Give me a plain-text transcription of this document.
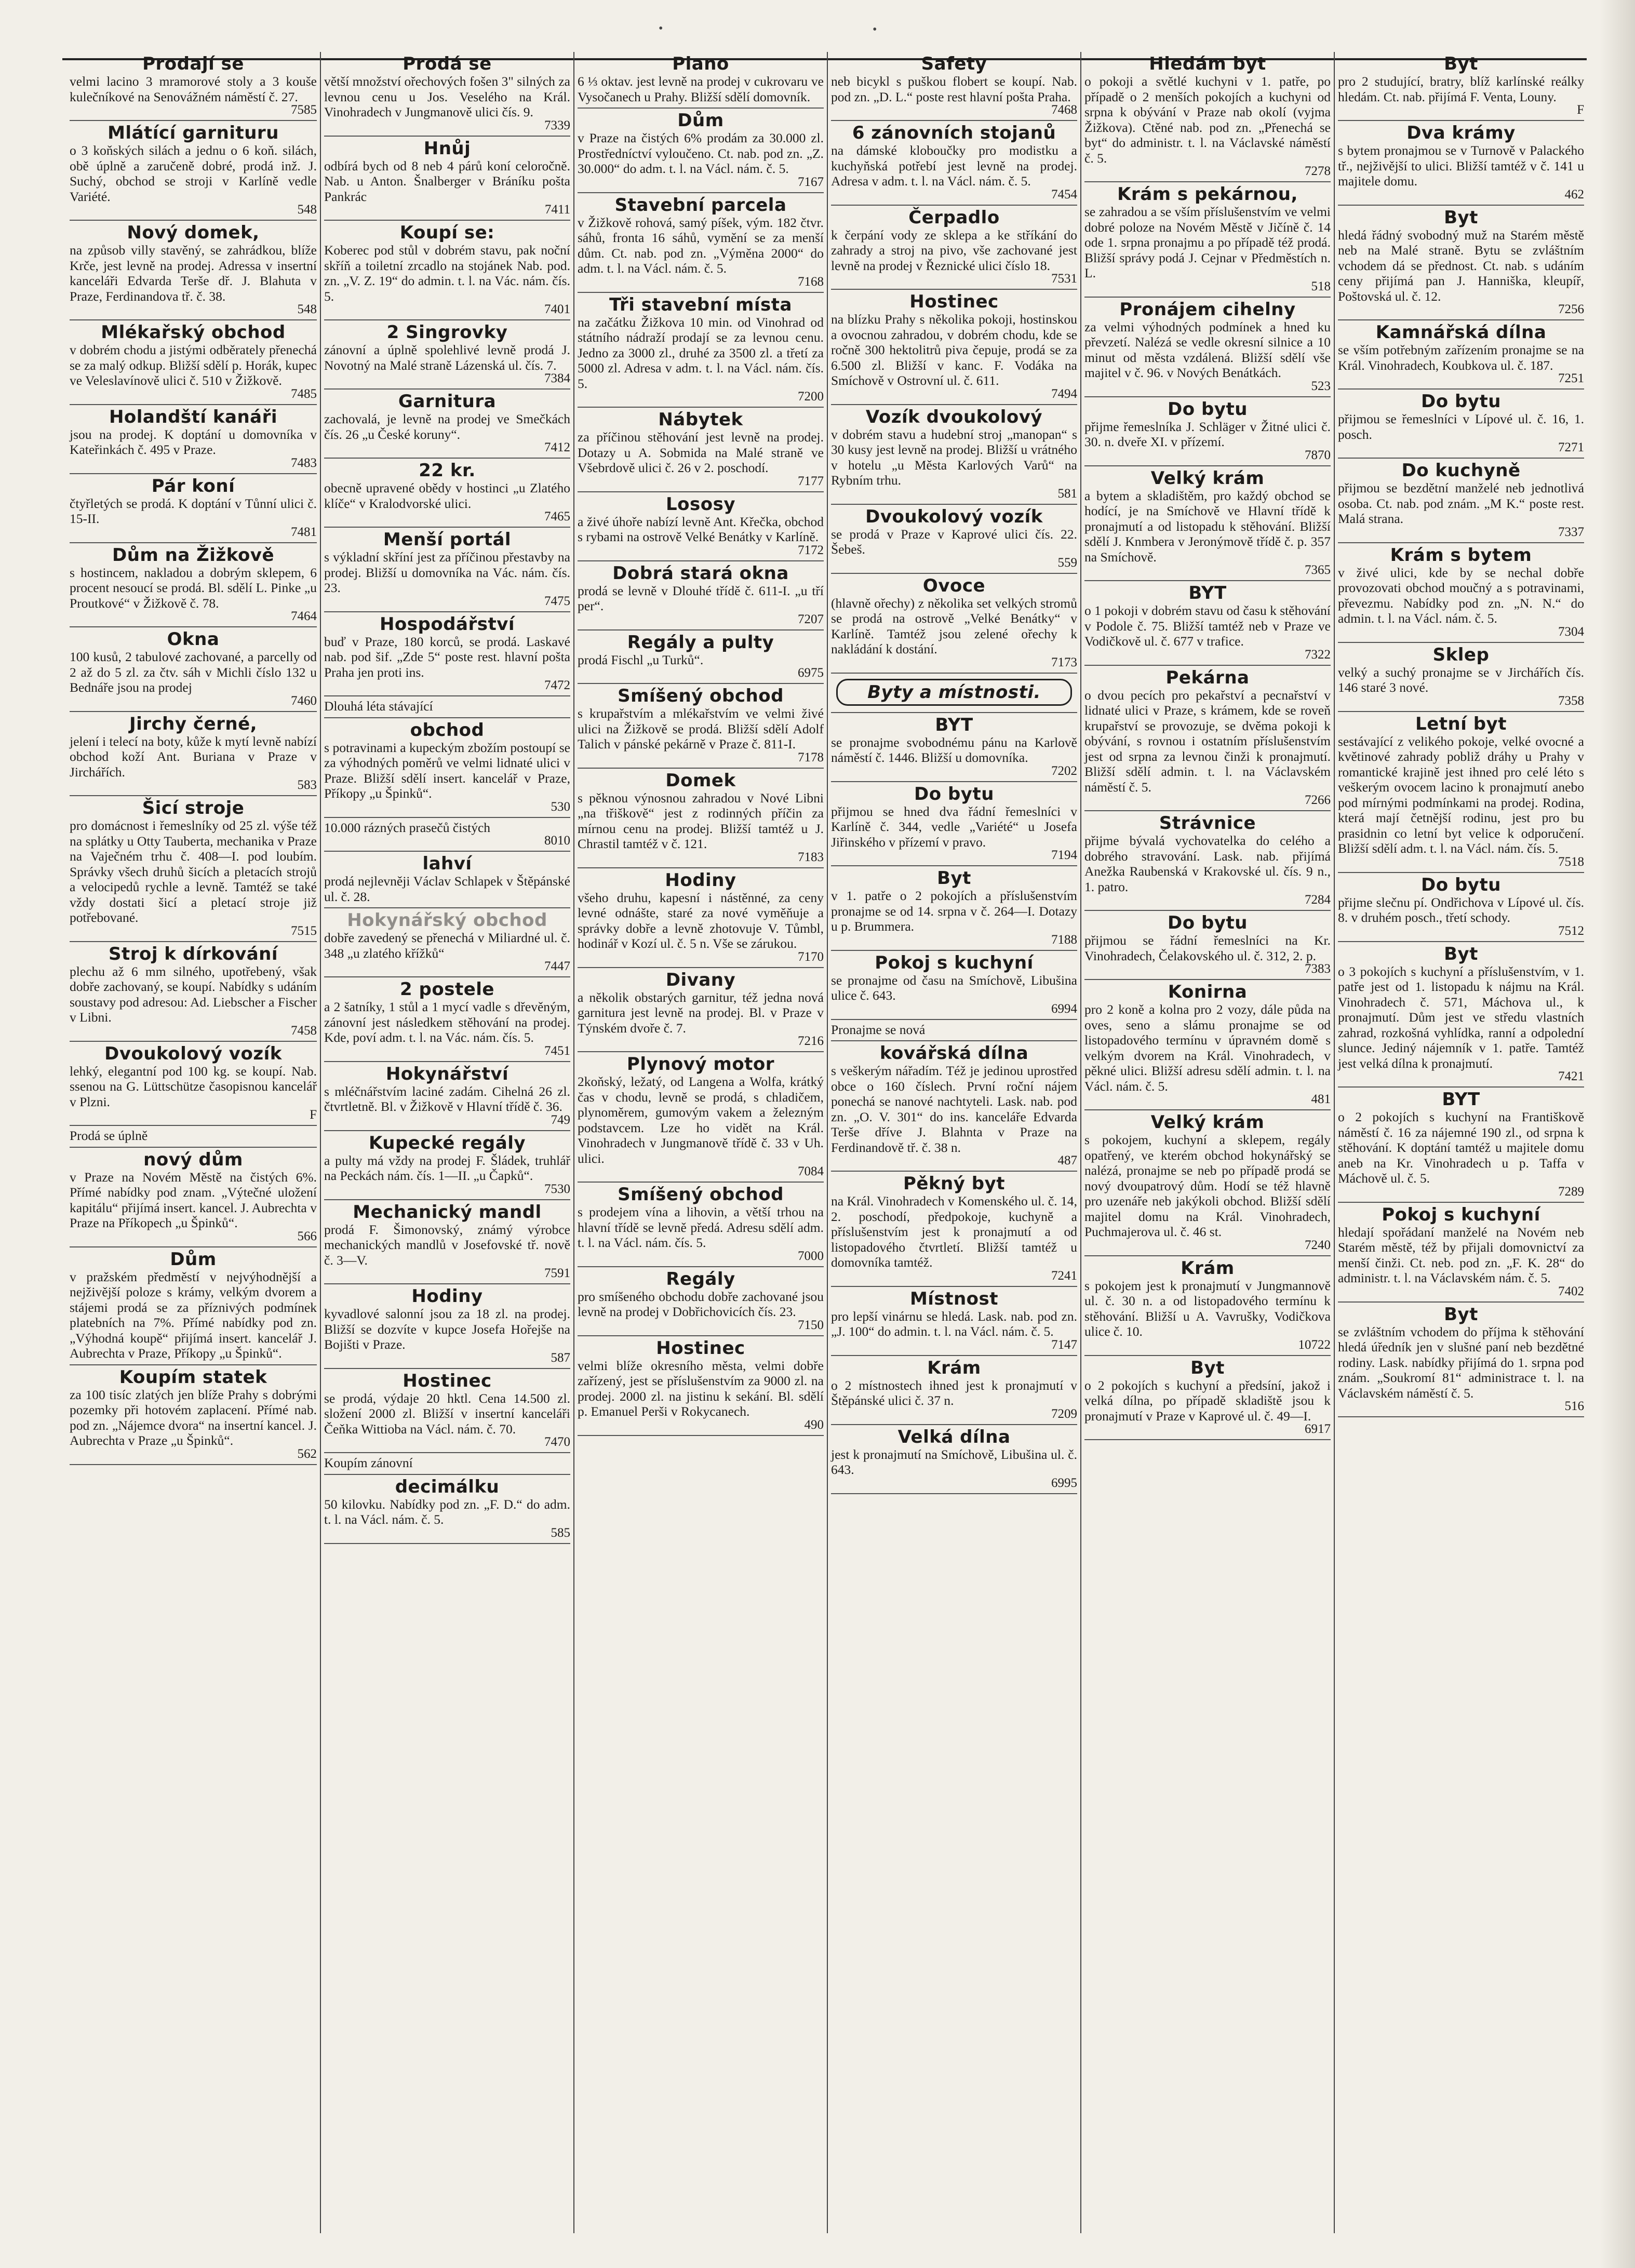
•	•
Prodají se
velmi lacino 3 mramorové stoly a 3 kouše kulečníkové na Senovážném náměstí č. 27.
7585
Mlátící garnituru
o 3 koňských silách a jednu o 6 koň. silách, obě úplně a zaručeně dobré, prodá inž. J. Suchý, obchod se stroji v Karlíně vedle Variété.
548
Nový domek,
na způsob villy stavěný, se zahrádkou, blíže Krče, jest levně na prodej. Adressa v insertní kanceláři Edvarda Terše dř. J. Blahuta v Praze, Ferdinandova tř. č. 38.
548
Mlékařský obchod
v dobrém chodu a jistými odběrately přenechá se za malý odkup. Bližší sdělí p. Horák, kupec ve Veleslavínově ulici č. 510 v Žižkově.
7485
Holandští kanáři
jsou na prodej. K doptání u domovníka v Kateřinkách č. 495 v Praze.
7483
Pár koní
čtyřletých se prodá. K doptání v Tůnní ulici č. 15-II.
7481
Dům na Žižkově
s hostincem, nakladou a dobrým sklepem, 6 procent nesoucí se prodá. Bl. sdělí L. Pinke „u Proutkové“ v Žižkově č. 78.
7464
Okna
100 kusů, 2 tabulové zachované, a parcelly od 2 až do 5 zl. za čtv. sáh v Michli číslo 132 u Bednáře jsou na prodej
7460
Jirchy černé,
jelení i telecí na boty, kůže k mytí levně nabízí obchod koží Ant. Buriana v Praze v Jirchářích.
583
Šicí stroje
pro domácnost i řemeslníky od 25 zl. výše též na splátky u Otty Tauberta, mechanika v Praze na Vaječném trhu č. 408—I. pod loubím. Správky všech druhů šicích a pletacích strojů a velocipedů rychle a levně. Tamtéž se také vždy dostati šicí a pletací stroje již potřebované.
7515
Stroj k dírkování
plechu až 6 mm silného, upotřebený, však dobře zachovaný, se koupí. Nabídky s udáním soustavy pod adresou: Ad. Liebscher a Fischer v Libni.
7458
Dvoukolový vozík
lehký, elegantní pod 100 kg. se koupí. Nab. ssenou na G. Lüttschütze časopisnou kancelář v Plzni.
F
Prodá se úplně
nový dům
v Praze na Novém Městě na čistých 6%. Přímé nabídky pod znam. „Výtečné uložení kapitálu“ přijímá insert. kancel. J. Aubrechta v Praze na Příkopech „u Špinků“.
566
Dům
v pražském předměstí v nejvýhodnější a nejživější poloze s krámy, velkým dvorem a stájemi prodá se za příznivých podmínek platebních na 7%. Přímé nabídky pod zn. „Výhodná koupě“ přijímá insert. kancelář J. Aubrechta v Praze, Příkopy „u Špinků“.
Koupím statek
za 100 tisíc zlatých jen blíže Prahy s dobrými pozemky při hotovém zaplacení. Přímé nab. pod zn. „Nájemce dvora“ na insertní kancel. J. Aubrechta v Praze „u Špinků“.
562
Prodá se
větší množství ořechových fošen 3" silných za levnou cenu u Jos. Veselého na Král. Vinohradech v Jungmanově ulici čís. 9.
7339
Hnůj
odbírá bych od 8 neb 4 párů koní celoročně. Nab. u Anton. Šnalberger v Bráníku pošta Pankrác
7411
Koupí se:
Koberec pod stůl v dobrém stavu, pak noční skříň a toiletní zrcadlo na stojánek Nab. pod. zn. „V. Z. 19“ do admin. t. l. na Vác. nám. čís. 5.
7401
2 Singrovky
zánovní a úplně spolehlivé levně prodá J. Novotný na Malé straně Lázenská ul. čís. 7.
7384
Garnitura
zachovalá, je levně na prodej ve Smečkách čís. 26 „u České koruny“.
7412
22 kr.
obecně upravené obědy v hostinci „u Zlatého klíče“ v Kralodvorské ulici.
7465
Menší portál
s výkladní skříní jest za příčinou přestavby na prodej. Bližší u domovníka na Vác. nám. čís. 23.
7475
Hospodářství
buď v Praze, 180 korců, se prodá. Laskavé nab. pod šif. „Zde 5“ poste rest. hlavní pošta Praha jen proti ins.
7472
Dlouhá léta stávající
obchod
s potravinami a kupeckým zbožím postoupí se za výhodných poměrů ve velmi lidnaté ulici v Praze. Bližší sdělí insert. kancelář v Praze, Příkopy „u Špinků“.
530
10.000 rázných prasečů čistých
8010
lahví
prodá nejlevněji Václav Schlapek v Štěpánské ul. č. 28.
Hokynářský obchod
dobře zavedený se přenechá v Miliardné ul. č. 348 „u zlatého křížků“
7447
2 postele
a 2 šatníky, 1 stůl a 1 mycí vadle s dřevěným, zánovní jest následkem stěhování na prodej. Kde, poví adm. t. l. na Vác. nám. čís. 5.
7451
Hokynářství
s mléčnářstvím laciné zadám. Cihelná 26 zl. čtvrtletně. Bl. v Žižkově v Hlavní třídě č. 36.
749
Kupecké regály
a pulty má vždy na prodej F. Šládek, truhlář na Peckách nám. čís. 1—II. „u Čapků“.
7530
Mechanický mandl
prodá F. Šimonovský, známý výrobce mechanických mandlů v Josefovské tř. nově č. 3—V.
7591
Hodiny
kyvadlové salonní jsou za 18 zl. na prodej. Bližší se dozvíte v kupce Josefa Hořejše na Bojišti v Praze.
587
Hostinec
se prodá, výdaje 20 hktl. Cena 14.500 zl. složení 2000 zl. Bližší v insertní kanceláři Čeňka Wittioba na Václ. nám. č. 70.
7470
Koupím zánovní
decimálku
50 kilovku. Nabídky pod zn. „F. D.“ do adm. t. l. na Václ. nám. č. 5.
585
Piano
6 ⅓ oktav. jest levně na prodej v cukrovaru ve Vysočanech u Prahy. Bližší sdělí domovník.
Dům
v Praze na čistých 6% prodám za 30.000 zl. Prostředníctví vyloučeno. Ct. nab. pod zn. „Z. 30.000“ do adm. t. l. na Václ. nám. č. 5.
7167
Stavební parcela
v Žižkově rohová, samý píšek, vým. 182 čtvr. sáhů, fronta 16 sáhů, vymění se za menší dům. Ct. nab. pod zn. „Výměna 2000“ do adm. t. l. na Václ. nám. č. 5.
7168
Tři stavební místa
na začátku Žižkova 10 min. od Vinohrad od státního nádraží prodají se za levnou cenu. Jedno za 3000 zl., druhé za 3500 zl. a třetí za 5000 zl. Adresa v adm. t. l. na Václ. nám. čís. 5.
7200
Nábytek
za příčinou stěhování jest levně na prodej. Dotazy u A. Sobmida na Malé straně ve Všebrdově ulici č. 26 v 2. poschodí.
7177
Lososy
a živé úhoře nabízí levně Ant. Křečka, obchod s rybami na ostrově Velké Benátky v Karlíně.
7172
Dobrá stará okna
prodá se levně v Dlouhé třídě č. 611-I. „u tří per“.
7207
Regály a pulty
prodá Fischl „u Turků“.
6975
Smíšený obchod
s krupařstvím a mlékařstvím ve velmi živé ulici na Žižkově se prodá. Bližší sdělí Adolf Talich v pánské pekárně v Praze č. 811-I.
7178
Domek
s pěknou výnosnou zahradou v Nové Libni „na třiškově“ jest z rodinných příčin za mírnou cenu na prodej. Bližší tamtéž u J. Chrastil tamtéž v č. 121.
7183
Hodiny
všeho druhu, kapesní i nástěnné, za ceny levné odnášte, staré za nové vyměňuje a správky dobře a levně zhotovuje V. Tůmbl, hodinář v Kozí ul. č. 5 n. Vše se zárukou.
7170
Divany
a několik obstarých garnitur, též jedna nová garnitura jest levně na prodej. Bl. v Praze v Týnském dvoře č. 7.
7216
Plynový motor
2koňský, ležatý, od Langena a Wolfa, krátký čas v chodu, levně se prodá, s chladičem, plynoměrem, gumovým vakem a železným podstavcem. Lze ho vidět na Král. Vinohradech v Jungmanově třídě č. 33 v Uh. ulici.
7084
Smíšený obchod
s prodejem vína a lihovin, a větší trhou na hlavní třídě se levně předá. Adresu sdělí adm. t. l. na Václ. nám. čís. 5.
7000
Regály
pro smíšeného obchodu dobře zachované jsou levně na prodej v Dobřichovicích čís. 23.
7150
Hostinec
velmi blíže okresního města, velmi dobře zařízený, jest se příslušenstvím za 9000 zl. na prodej. 2000 zl. na jistinu k sekání. Bl. sdělí p. Emanuel Perši v Rokycanech.
490
Safety
neb bicykl s puškou flobert se koupí. Nab. pod zn. „D. L.“ poste rest hlavní pošta Praha.
7468
6 zánovních stojanů
na dámské kloboučky pro modistku a kuchyňská potřebí jest levně na prodej. Adresa v adm. t. l. na Václ. nám. č. 5.
7454
Čerpadlo
k čerpání vody ze sklepa a ke stříkání do zahrady a stroj na pivo, vše zachované jest levně na prodej v Řeznické ulici číslo 18.
7531
Hostinec
na blízku Prahy s několika pokoji, hostinskou a ovocnou zahradou, v dobrém chodu, kde se ročně 300 hektolitrů piva čepuje, prodá se za 6.500 zl. Bližší v kanc. F. Vodáka na Smíchově v Ostrovní ul. č. 611.
7494
Vozík dvoukolový
v dobrém stavu a hudební stroj „manopan“ s 30 kusy jest levně na prodej. Bližší u vrátného v hotelu „u Města Karlových Varů“ na Rybním trhu.
581
Dvoukolový vozík
se prodá v Praze v Kaprové ulici čís. 22. Šebeš.
559
Ovoce
(hlavně ořechy) z několika set velkých stromů se prodá na ostrově „Velké Benátky“ v Karlíně. Tamtéž jsou zelené ořechy k nakládání k dostání.
7173
Byty a místnosti.
BYT
se pronajme svobodnému pánu na Karlově náměstí č. 1446. Bližší u domovníka.
7202
Do bytu
přijmou se hned dva řádní řemeslníci v Karlíně č. 344, vedle „Variété“ u Josefa Jiřinského v přízemí v pravo.
7194
Byt
v 1. patře o 2 pokojích a příslušenstvím pronajme se od 14. srpna v č. 264—I. Dotazy u p. Brummera.
7188
Pokoj s kuchyní
se pronajme od času na Smíchově, Libušina ulice č. 643.
6994
Pronajme se nová
kovářská dílna
s veškerým nářadím. Též je jedinou uprostřed obce o 160 číslech. První roční nájem ponechá se nanové nachtyteli. Lask. nab. pod zn. „O. V. 301“ do ins. kanceláře Edvarda Terše dříve J. Blahnta v Praze na Ferdinandově tř. č. 38 n.
487
Pěkný byt
na Král. Vinohradech v Komenského ul. č. 14, 2. poschodí, předpokoje, kuchyně a příslušenstvím jest k pronajmutí a od listopadového čtvrtletí. Bližší tamtéž u domovníka tamtéž.
7241
Místnost
pro lepší vinárnu se hledá. Lask. nab. pod zn. „J. 100“ do admin. t. l. na Václ. nám. č. 5.
7147
Krám
o 2 místnostech ihned jest k pronajmutí v Štěpánské ulici č. 37 n.
7209
Velká dílna
jest k pronajmutí na Smíchově, Libušina ul. č. 643.
6995
Hledám byt
o pokoji a světlé kuchyni v 1. patře, po případě o 2 menších pokojích a kuchyni od srpna k obývání v Praze nab okolí (vyjma Žižkova). Ctěné nab. pod zn. „Přenechá se byt“ do administr. t. l. na Václavské náměstí č. 5.
7278
Krám s pekárnou,
se zahradou a se vším příslušenstvím ve velmi dobré poloze na Novém Městě v Jičíně č. 14 ode 1. srpna pronajmu a po případě též prodá. Bližší správy podá J. Cejnar v Předměstích n. L.
518
Pronájem cihelny
za velmi výhodných podmínek a hned ku převzetí. Nalézá se vedle okresní silnice a 10 minut od města vzdálená. Bližší sdělí vše majitel v č. 96. v Nových Benátkách.
523
Do bytu
přijme řemeslníka J. Schläger v Žitné ulici č. 30. n. dveře XI. v přízemí.
7870
Velký krám
a bytem a skladištěm, pro každý obchod se hodící, je na Smíchově ve Hlavní třídě k pronajmutí a od listopadu k stěhování. Bližší sdělí J. Knmbera v Jeronýmově třídě č. p. 357 na Smíchově.
7365
BYT
o 1 pokoji v dobrém stavu od času k stěhování v Podole č. 75. Bližší tamtéž neb v Praze ve Vodičkově ul. č. 677 v trafice.
7322
Pekárna
o dvou pecích pro pekařství a pecnařství v lidnaté ulici v Praze, s krámem, kde se roveň krupařství se provozuje, se dvěma pokoji k obývání, s rovnou i ostatním příslušenstvím jest od srpna za levnou činži k pronajmutí. Bližší sdělí admin. t. l. na Václavském náměstí č. 5.
7266
Strávnice
přijme bývalá vychovatelka do celého a dobrého stravování. Lask. nab. přijímá Anežka Raubenská v Krakovské ul. čís. 9 n., 1. patro.
7284
Do bytu
přijmou se řádní řemeslníci na Kr. Vinohradech, Čelakovského ul. č. 312, 2. p.
7383
Konirna
pro 2 koně a kolna pro 2 vozy, dále půda na oves, seno a slámu pronajme se od listopadového termínu v úpravném domě s velkým dvorem na Král. Vinohradech, v pěkné ulici. Bližší adresu sdělí admin. t. l. na Václ. nám. č. 5.
481
Velký krám
s pokojem, kuchyní a sklepem, regály opatřený, ve kterém obchod hokynářský se nalézá, pronajme se neb po případě prodá se nový dvoupatrový dům. Hodí se též hlavně pro uzenáře neb jakýkoli obchod. Bližší sdělí majitel domu na Král. Vinohradech, Puchmajerova ul. č. 46 st.
7240
Krám
s pokojem jest k pronajmutí v Jungmannově ul. č. 30 n. a od listopadového termínu k stěhování. Bližší u A. Vavrušky, Vodičkova ulice č. 10.
10722
Byt
o 2 pokojích s kuchyní a předsíní, jakož i velká dílna, po případě skladiště jsou k pronajmutí v Praze v Kaprové ul. č. 49—I.
6917
Byt
pro 2 studující, bratry, blíž karlínské reálky hledám. Ct. nab. přijímá F. Venta, Louny.
F
Dva krámy
s bytem pronajmou se v Turnově v Palackého tř., nejživější to ulici. Bližší tamtéž v č. 141 u majitele domu.
462
Byt
hledá řádný svobodný muž na Starém městě neb na Malé straně. Bytu se zvláštním vchodem dá se přednost. Ct. nab. s udáním ceny přijímá pan J. Hanniška, kleupíř, Poštovská ul. č. 12.
7256
Kamnářská dílna
se vším potřebným zařízením pronajme se na Král. Vinohradech, Koubkova ul. č. 187.
7251
Do bytu
přijmou se řemeslníci v Lípové ul. č. 16, 1. posch.
7271
Do kuchyně
přijmou se bezdětní manželé neb jednotlivá osoba. Ct. nab. pod znám. „M K.“ poste rest. Malá strana.
7337
Krám s bytem
v živé ulici, kde by se nechal dobře provozovati obchod moučný a s potravinami, převezmu. Nabídky pod zn. „N. N.“ do admin. t. l. na Václ. nám. č. 5.
7304
Sklep
velký a suchý pronajme se v Jirchářích čís. 146 staré 3 nové.
7358
Letní byt
sestávající z velikého pokoje, velké ovocné a květinové zahrady pobliž dráhy u Prahy v romantické krajině jest ihned pro celé léto s veškerým ovocem lacino k pronajmutí anebo pod mírnými podmínkami na prodej. Rodina, která mají četnější rodinu, jest pro bu prasidnin co letní byt velice k odporučení. Bližší sdělí adm. t. l. na Václ. nám. čís. 5.
7518
Do bytu
přijme slečnu pí. Ondřichova v Lípové ul. čís. 8. v druhém posch., třetí schody.
7512
Byt
o 3 pokojích s kuchyní a příslušenstvím, v 1. patře jest od 1. listopadu k nájmu na Král. Vinohradech č. 571, Máchova ul., k pronajmutí. Dům jest ve středu vlastních zahrad, rozkošná vyhlídka, ranní a odpolední slunce. Jediný nájemník v 1. patře. Tamtéž jest velká dílna k pronajmutí.
7421
BYT
o 2 pokojích s kuchyní na Františkově náměstí č. 16 za nájemné 190 zl., od srpna k stěhování. K doptání tamtéž u majitele domu aneb na Kr. Vinohradech u p. Taffa v Máchově ul. č. 5.
7289
Pokoj s kuchyní
hledají spořádaní manželé na Novém neb Starém městě, též by přijali domovnictví za menší činži. Ct. neb. pod zn. „F. K. 28“ do administr. t. l. na Václavském nám. č. 5.
7402
Byt
se zvláštním vchodem do příjma k stěhování hledá úředník jen v slušné paní neb bezdětné rodiny. Lask. nabídky přijímá do 1. srpna pod znám. „Soukromí 81“ administrace t. l. na Václavském náměstí č. 5.
516
